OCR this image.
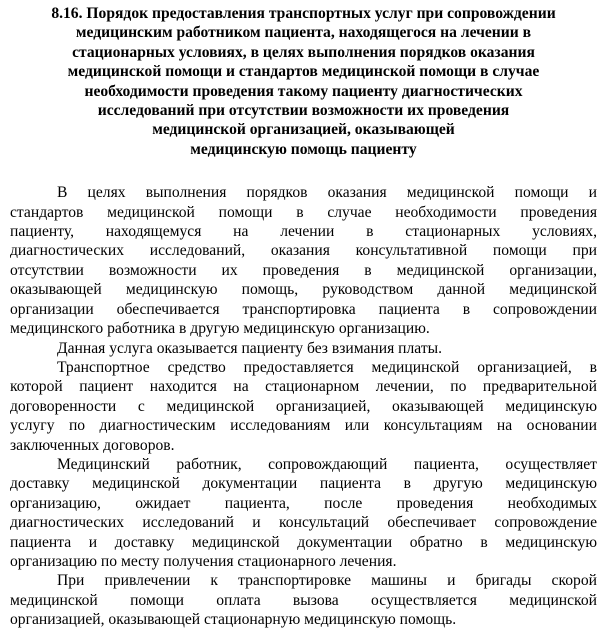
8.16. Порядок предоставления транспортных услуг при сопровождении
медицинским работником пациента, находящегося на лечении в
стационарных условиях, в целях выполнения порядков оказания
медицинской помощи и стандартов медицинской помощи в случае
необходимости проведения такому пациенту диагностических
исследований при отсутствии возможности их проведения
медицинской организацией, оказывающей
медицинскую помощь пациенту

В целях выполнения порядков оказания медицинской помощи и
стандартов медицинской помощи в случае необходимости проведения
пациенту, находящемуся на лечении в стационарных условиях,
диагностических исследований, оказания консультативной помощи при
отсутствии возможности их проведения в медицинской организации,
оказывающей медицинскую помощь, руководством данной медицинской
организации обеспечивается транспортировка пациента в сопровождении
медицинского работника в другую медицинскую организацию.

Данная услуга оказывается пациенту без взимания платы.

Транспортное средство предоставляется медицинской организацией, в
которой пациент находится на стационарном лечении, по предварительной
договоренности с медицинской организацией, оказывающей медицинскую
услугу по диагностическим исследованиям или консультациям на основании
заключенных договоров.

Медицинский работник, сопровождающий пациента, осуществляет
доставку медицинской документации пациента в другую медицинскую
организацию, ожидает пациента, после проведения необходимых
диагностических исследований и консультаций обеспечивает сопровождение
пациента и доставку медицинской документации обратно в медицинскую
организацию по месту получения стационарного лечения.

При привлечении к транспортировке машины и бригады скорой
медицинской помощи оплата вызова осуществляется медицинской
организацией, оказывающей стационарную медицинскую помощь.
